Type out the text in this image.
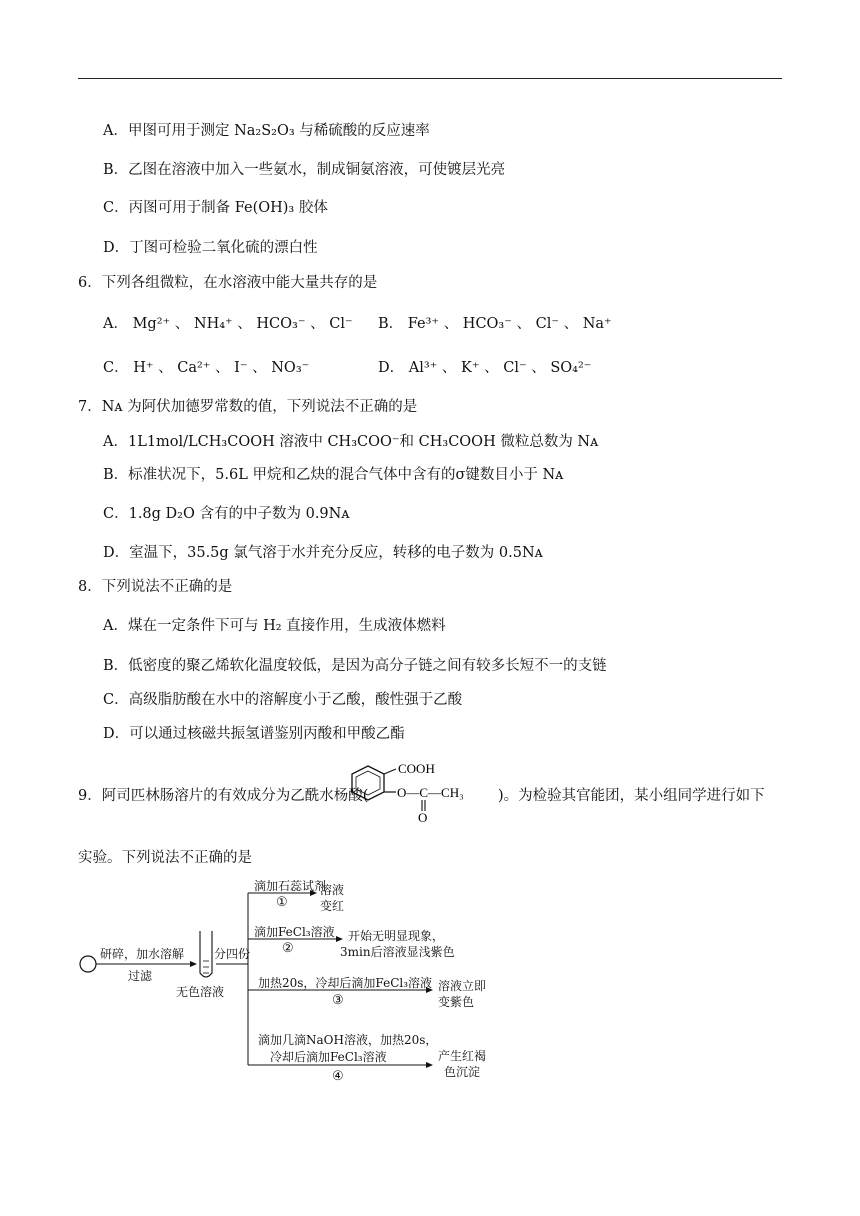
A．甲图可用于测定 Na₂S₂O₃ 与稀硫酸的反应速率
B．乙图在溶液中加入一些氨水，制成铜氨溶液，可使镀层光亮
C．丙图可用于制备 Fe(OH)₃ 胶体
D．丁图可检验二氧化硫的漂白性
6．下列各组微粒，在水溶液中能大量共存的是
A． Mg²⁺ 、 NH₄⁺ 、 HCO₃⁻ 、 Cl⁻ B． Fe³⁺ 、 HCO₃⁻ 、 Cl⁻ 、 Na⁺
C． H⁺ 、 Ca²⁺ 、 I⁻ 、 NO₃⁻	D． Al³⁺ 、 K⁺ 、 Cl⁻ 、 SO₄²⁻
7．Nᴀ 为阿伏加德罗常数的值，下列说法不正确的是
A．1L1mol/LCH₃COOH 溶液中 CH₃COO⁻和 CH₃COOH 微粒总数为 Nᴀ
B．标准状况下，5.6L 甲烷和乙炔的混合气体中含有的σ键数目小于 Nᴀ
C．1.8g D₂O 含有的中子数为 0.9Nᴀ
D．室温下，35.5g 氯气溶于水并充分反应，转移的电子数为 0.5Nᴀ
8．下列说法不正确的是
A．煤在一定条件下可与 H₂ 直接作用，生成液体燃料
B．低密度的聚乙烯软化温度较低，是因为高分子链之间有较多长短不一的支链
C．高级脂肪酸在水中的溶解度小于乙酸，酸性强于乙酸
D．可以通过核磁共振氢谱鉴别丙酸和甲酸乙酯
9．阿司匹林肠溶片的有效成分为乙酰水杨酸(
COOH
O—C—CH₃
O
)。为检验其官能团，某小组同学进行如下
实验。下列说法不正确的是
研碎，加水溶解
过滤
无色溶液
分四份
滴加石蕊试剂
①
溶液
变红
滴加FeCl₃溶液
②
开始无明显现象，
3min后溶液显浅紫色
加热20s，冷却后滴加FeCl₃溶液
③
溶液立即
变紫色
滴加几滴NaOH溶液，加热20s，
冷却后滴加FeCl₃溶液
④
产生红褐
色沉淀
